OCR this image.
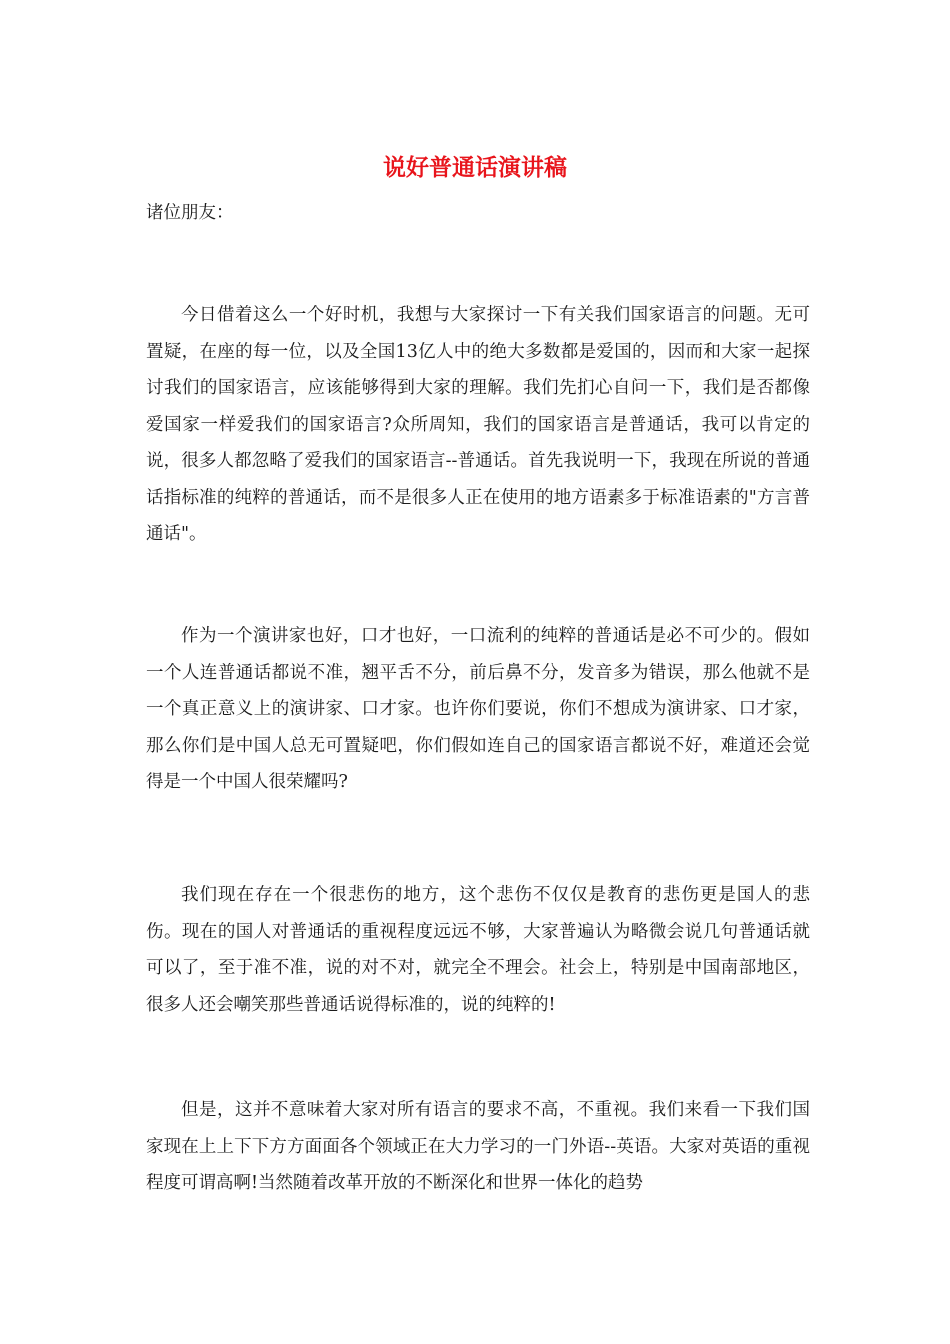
说好普通话演讲稿
诸位朋友：

今日借着这么一个好时机，我想与大家探讨一下有关我们国家语言的问题。无可置疑，在座的每一位，以及全国13亿人中的绝大多数都是爱国的，因而和大家一起探讨我们的国家语言，应该能够得到大家的理解。我们先扪心自问一下，我们是否都像爱国家一样爱我们的国家语言?众所周知，我们的国家语言是普通话，我可以肯定的说，很多人都忽略了爱我们的国家语言--普通话。首先我说明一下，我现在所说的普通话指标准的纯粹的普通话，而不是很多人正在使用的地方语素多于标准语素的"方言普通话"。

作为一个演讲家也好，口才也好，一口流利的纯粹的普通话是必不可少的。假如一个人连普通话都说不准，翘平舌不分，前后鼻不分，发音多为错误，那么他就不是一个真正意义上的演讲家、口才家。也许你们要说，你们不想成为演讲家、口才家，那么你们是中国人总无可置疑吧，你们假如连自己的国家语言都说不好，难道还会觉得是一个中国人很荣耀吗?

我们现在存在一个很悲伤的地方，这个悲伤不仅仅是教育的悲伤更是国人的悲伤。现在的国人对普通话的重视程度远远不够，大家普遍认为略微会说几句普通话就可以了，至于准不准，说的对不对，就完全不理会。社会上，特别是中国南部地区，很多人还会嘲笑那些普通话说得标准的，说的纯粹的!

但是，这并不意味着大家对所有语言的要求不高，不重视。我们来看一下我们国家现在上上下下方方面面各个领域正在大力学习的一门外语--英语。大家对英语的重视程度可谓高啊!当然随着改革开放的不断深化和世界一体化的趋势
